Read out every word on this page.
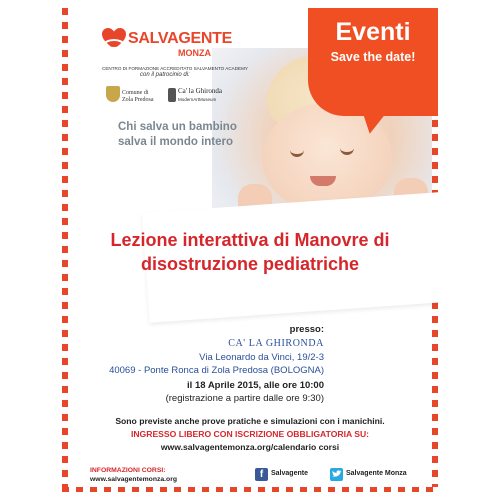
SALVAGENTE
MONZA
CENTRO DI FORMAZIONE ACCREDITATO SALVAMENTO ACADEMY
con il patrocinio di:
Comune di
Zola Predosa
Ca' la Ghironda
ModernArtMuseum
Chi salva un bambino salva il mondo intero
Eventi
Save the date!
Lezione interattiva di Manovre di disostruzione pediatriche
presso:
CA' LA GHIRONDA
Via Leonardo da Vinci, 19/2-3
40069 - Ponte Ronca di Zola Predosa (BOLOGNA)
il 18 Aprile 2015, alle ore 10:00
(registrazione a partire dalle ore 9:30)
Sono previste anche prove pratiche e simulazioni con i manichini.
INGRESSO LIBERO CON ISCRIZIONE OBBLIGATORIA SU:
www.salvagentemonza.org/calendario corsi
INFORMAZIONI CORSI:
www.salvagentemonza.org	f	Salvagente	Salvagente Monza
